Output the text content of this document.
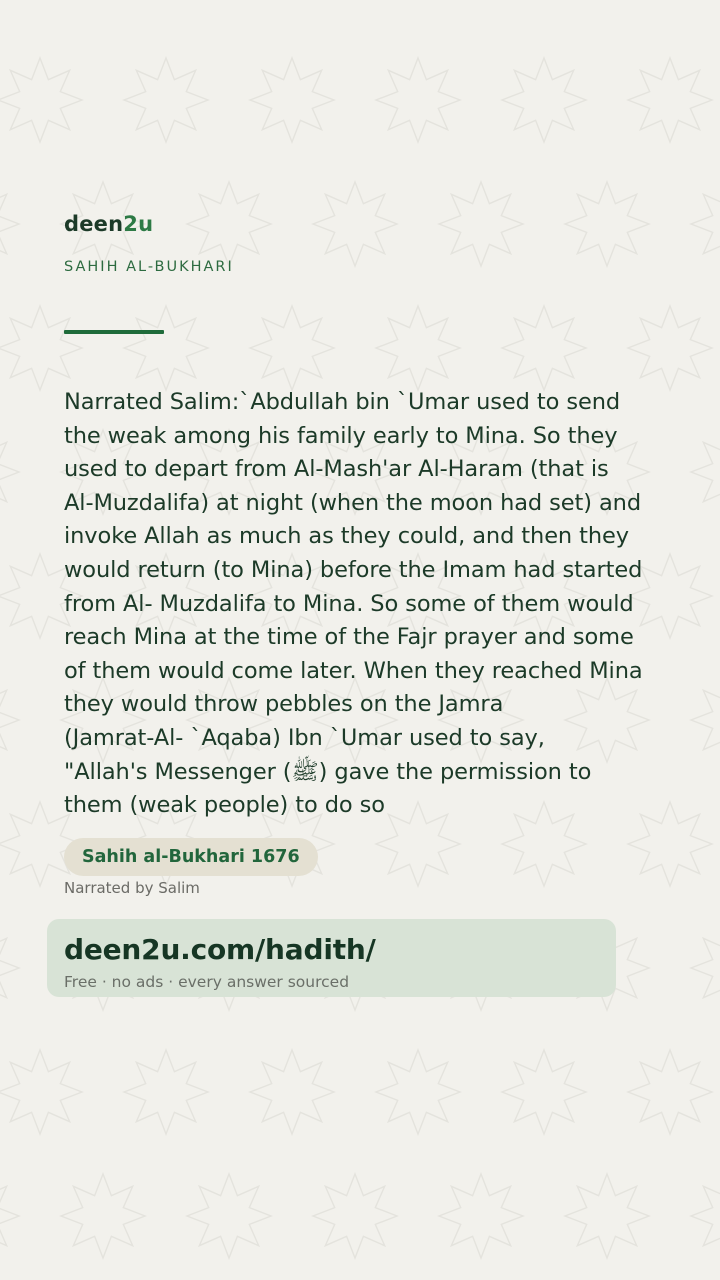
deen2u
SAHIH AL-BUKHARI
Narrated Salim:`Abdullah bin `Umar used to send
the weak among his family early to Mina. So they
used to depart from Al-Mash'ar Al-Haram (that is
Al-Muzdalifa) at night (when the moon had set) and
invoke Allah as much as they could, and then they
would return (to Mina) before the Imam had started
from Al- Muzdalifa to Mina. So some of them would
reach Mina at the time of the Fajr prayer and some
of them would come later. When they reached Mina
they would throw pebbles on the Jamra
(Jamrat-Al- `Aqaba) Ibn `Umar used to say,
"Allah's Messenger (ﷺ) gave the permission to
them (weak people) to do so
Sahih al-Bukhari 1676
Narrated by Salim
deen2u.com/hadith/
Free · no ads · every answer sourced
